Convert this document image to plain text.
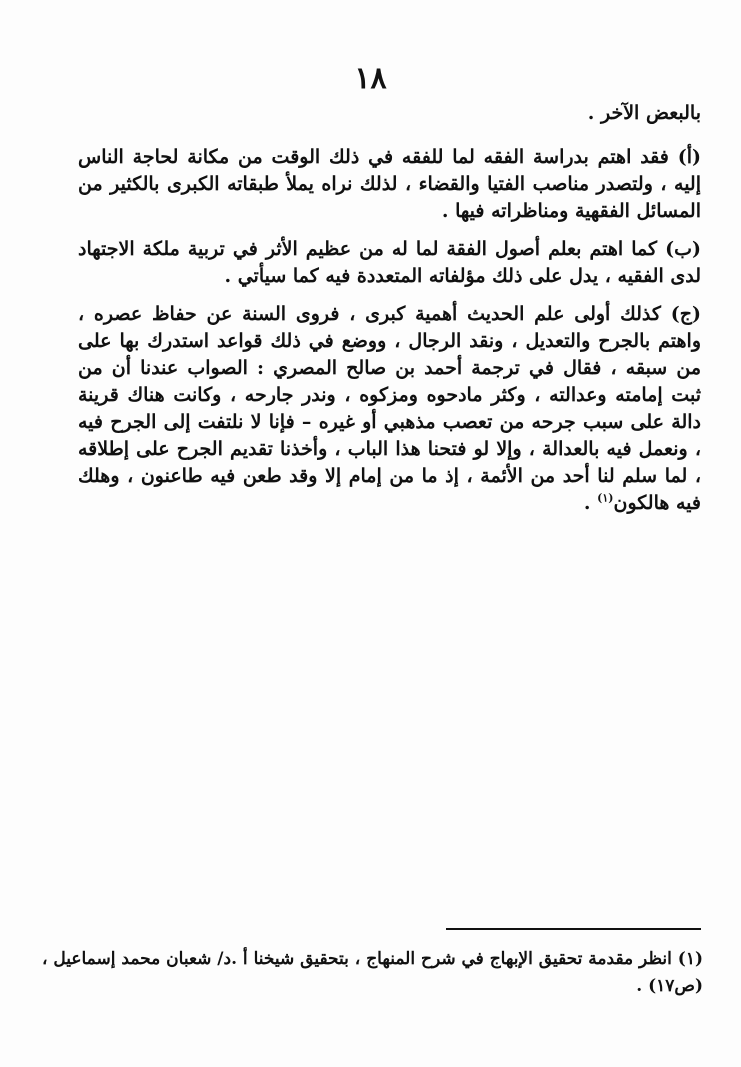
١٨

بالبعض الآخر .

(أ) فقد اهتم بدراسة الفقه لما للفقه في ذلك الوقت من مكانة لحاجة الناس إليه ، ولتصدر مناصب الفتيا والقضاء ، لذلك نراه يملأ طبقاته الكبرى بالكثير من المسائل الفقهية ومناظراته فيها .

(ب) كما اهتم بعلم أصول الفقة لما له من عظيم الأثر في تربية ملكة الاجتهاد لدى الفقيه ، يدل على ذلك مؤلفاته المتعددة فيه كما سيأتي .

(ج) كذلك أولى علم الحديث أهمية كبرى ، فروى السنة عن حفاظ عصره ، واهتم بالجرح والتعديل ، ونقد الرجال ، ووضع في ذلك قواعد استدرك بها على من سبقه ، فقال في ترجمة أحمد بن صالح المصري : الصواب عندنا أن من ثبت إمامته وعدالته ، وكثر مادحوه ومزكوه ، وندر جارحه ، وكانت هناك قرينة دالة على سبب جرحه من تعصب مذهبي أو غيره – فإنا لا نلتفت إلى الجرح فيه ، ونعمل فيه بالعدالة ، وإلا لو فتحنا هذا الباب ، وأخذنا تقديم الجرح على إطلاقه ، لما سلم لنا أحد من الأئمة ، إذ ما من إمام إلا وقد طعن فيه طاعنون ، وهلك فيه هالكون$^{(١)}$ .

(١) انظر مقدمة تحقيق الإبهاج في شرح المنهاج ، بتحقيق شيخنا أ .د/ شعبان محمد إسماعيل ، (ص١٧) .
